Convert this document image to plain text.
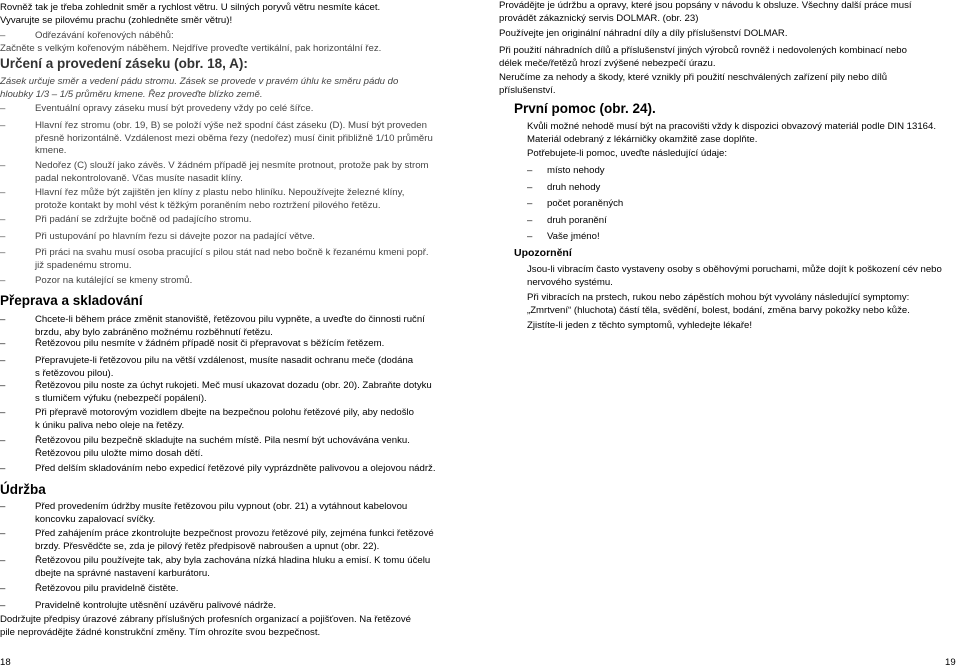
Rovněž tak je třeba zohlednit směr a rychlost větru. U silných poryvů větru nesmíte kácet.

Vyvarujte se pilovému prachu (zohledněte směr větru)!

–	Odřezávání kořenových náběhů:

Začněte s velkým kořenovým náběhem. Nejdříve proveďte vertikální, pak horizontální řez.

Určení a provedení záseku (obr. 18, A):

Zásek určuje směr a vedení pádu stromu. Zásek se provede v pravém úhlu ke směru pádu do

hloubky 1/3 – 1/5 průměru kmene. Řez proveďte blízko země.

–	Eventuální opravy záseku musí být provedeny vždy po celé šířce.

–	Hlavní řez stromu (obr. 19, B) se položí výše než spodní část záseku (D). Musí být proveden

přesně horizontálně. Vzdálenost mezi oběma řezy (nedořez) musí činit přibližně 1/10 průměru

kmene.

–	Nedořez (C) slouží jako závěs. V žádném případě jej nesmíte protnout, protože pak by strom

padal nekontrolovaně. Včas musíte nasadit klíny.

–	Hlavní řez může být zajištěn jen klíny z plastu nebo hliníku. Nepoužívejte železné klíny,

protože kontakt by mohl vést k těžkým poraněním nebo roztržení pilového řetězu.

–	Při padání se zdržujte bočně od padajícího stromu.

–	Při ustupování po hlavním řezu si dávejte pozor na padající větve.

–	Při práci na svahu musí osoba pracující s pilou stát nad nebo bočně k řezanému kmeni popř.

již spadenému stromu.

–	Pozor na kutálející se kmeny stromů.

Přeprava a skladování
–	Chcete-li během práce změnit stanoviště, řetězovou pilu vypněte, a uveďte do činnosti ruční

brzdu, aby bylo zabráněno možnému rozběhnutí řetězu.

–	Řetězovou pilu nesmíte v žádném případě nosit či přepravovat s běžícím řetězem.

–	Přepravujete-li řetězovou pilu na větší vzdálenost, musíte nasadit ochranu meče (dodána

s řetězovou pilou).

–	Řetězovou pilu noste za úchyt rukojeti. Meč musí ukazovat dozadu (obr. 20). Zabraňte dotyku

s tlumičem výfuku (nebezpečí popálení).

–	Při přepravě motorovým vozidlem dbejte na bezpečnou polohu řetězové pily, aby nedošlo

k úniku paliva nebo oleje na řetězy.

–	Řetězovou pilu bezpečně skladujte na suchém místě. Pila nesmí být uchovávána venku.

Řetězovou pilu uložte mimo dosah dětí.

–	Před delším skladováním nebo expedicí řetězové pily vyprázdněte palivovou a olejovou nádrž.

Údržba
–	Před provedením údržby musíte řetězovou pilu vypnout (obr. 21) a vytáhnout kabelovou

koncovku zapalovací svíčky.

–	Před zahájením práce zkontrolujte bezpečnost provozu řetězové pily, zejména funkci řetězové

brzdy. Přesvědčte se, zda je pilový řetěz předpisově nabroušen a upnut (obr. 22).

–	Řetězovou pilu používejte tak, aby byla zachována nízká hladina hluku a emisí. K tomu účelu

dbejte na správné nastavení karburátoru.

–	Řetězovou pilu pravidelně čistěte.

–	Pravidelně kontrolujte utěsnění uzávěru palivové nádrže.

Dodržujte předpisy úrazové zábrany příslušných profesních organizací a pojišťoven. Na řetězové

pile neprovádějte žádné konstrukční změny. Tím ohrozíte svou bezpečnost.

Provádějte je údržbu a opravy, které jsou popsány v návodu k obsluze. Všechny další práce musí

provádět zákaznický servis DOLMAR. (obr. 23)

Používejte jen originální náhradní díly a díly příslušenství DOLMAR.

Při použití náhradních dílů a příslušenství jiných výrobců rovněž i nedovolených kombinací nebo

délek meče/řetězů hrozí zvýšené nebezpečí úrazu.

Neručíme za nehody a škody, které vznikly při použití neschválených zařízení pily nebo dílů

příslušenství.

První pomoc (obr. 24).

Kvůli možné nehodě musí být na pracovišti vždy k dispozici obvazový materiál podle DIN 13164.

Materiál odebraný z lékárničky okamžitě zase doplňte.

Potřebujete-li pomoc, uveďte následující údaje:

– místo nehody

– druh nehody

– počet poraněných

– druh poranění

– Vaše jméno!

Upozornění

Jsou-li vibracím často vystaveny osoby s oběhovými poruchami, může dojít k poškození cév nebo

nervového systému.

Při vibracích na prstech, rukou nebo zápěstích mohou být vyvolány následující symptomy:

„Zmrtvení“ (hluchota) částí těla, svědění, bolest, bodání, změna barvy pokožky nebo kůže.

Zjistíte-li jeden z těchto symptomů, vyhledejte lékaře!

18	19
